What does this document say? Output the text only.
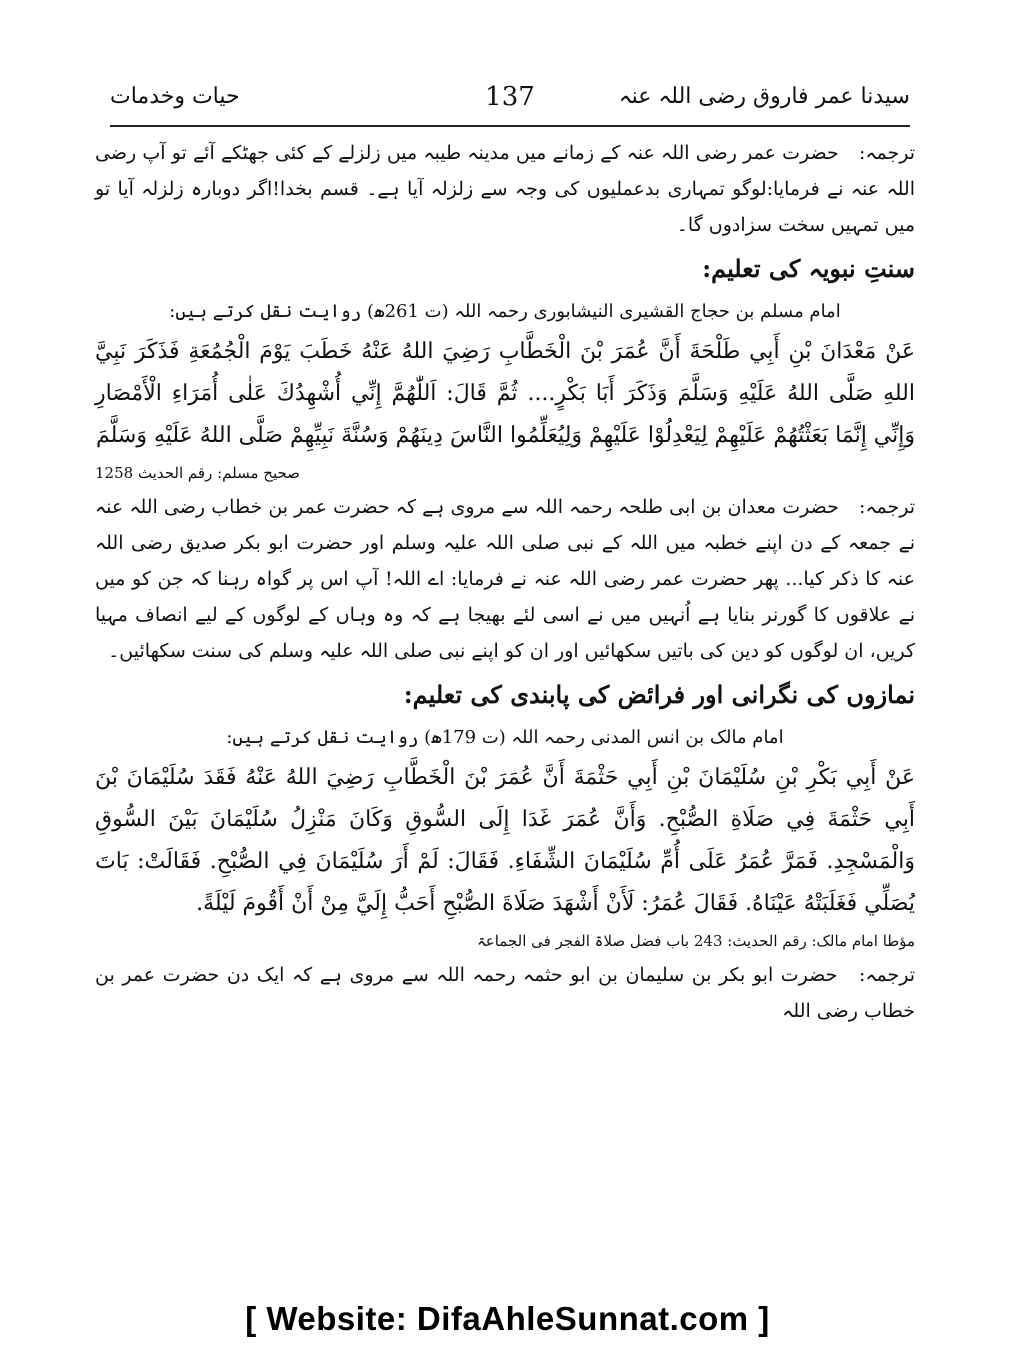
حیات وخدمات	137	سیدنا عمر فاروق رضی اللہ عنہ

ترجمہ: حضرت عمر رضی اللہ عنہ کے زمانے میں مدینہ طیبہ میں زلزلے کے کئی جھٹکے آئے تو آپ رضی اللہ عنہ نے فرمایا:لوگو تمہاری بدعملیوں کی وجہ سے زلزلہ آیا ہے۔ قسم بخدا!اگر دوبارہ زلزلہ آیا تو میں تمہیں سخت سزادوں گا۔

سنتِ نبویہ کی تعلیم:
امام مسلم بن حجاج القشیری النیشابوری رحمہ اللہ (ت 261ھ) روایت نقل کرتے ہیں:

عَنْ مَعْدَانَ بْنِ أَبِي طَلْحَةَ أَنَّ عُمَرَ بْنَ الْخَطَّابِ رَضِيَ اللهُ عَنْهُ خَطَبَ يَوْمَ الْجُمُعَةِ فَذَكَرَ نَبِيَّ اللهِ صَلَّى اللهُ عَلَيْهِ وَسَلَّمَ وَذَكَرَ أَبَا بَكْرٍ.... ثُمَّ قَالَ: اَللّٰهُمَّ إِنِّي أُشْهِدُكَ عَلٰى أُمَرَاءِ الْأَمْصَارِ وَإِنِّي إِنَّمَا بَعَثْتُهُمْ عَلَيْهِمْ لِيَعْدِلُوْا عَلَيْهِمْ وَلِيُعَلِّمُوا النَّاسَ دِينَهُمْ وَسُنَّةَ نَبِيِّهِمْ صَلَّى اللهُ عَلَيْهِ وَسَلَّمَ

صحیح مسلم: رقم الحدیث 1258

ترجمہ: حضرت معدان بن ابی طلحہ رحمہ اللہ سے مروی ہے کہ حضرت عمر بن خطاب رضی اللہ عنہ نے جمعہ کے دن اپنے خطبہ میں اللہ کے نبی صلی اللہ علیہ وسلم اور حضرت ابو بکر صدیق رضی اللہ عنہ کا ذکر کیا... پھر حضرت عمر رضی اللہ عنہ نے فرمایا: اے اللہ! آپ اس پر گواہ رہنا کہ جن کو میں نے علاقوں کا گورنر بنایا ہے اُنہیں میں نے اسی لئے بھیجا ہے کہ وہ وہاں کے لوگوں کے لیے انصاف مہیا کریں، ان لوگوں کو دین کی باتیں سکھائیں اور ان کو اپنے نبی صلی اللہ علیہ وسلم کی سنت سکھائیں۔

نمازوں کی نگرانی اور فرائض کی پابندی کی تعلیم:
امام مالک بن انس المدنی رحمہ اللہ (ت 179ھ) روایت نقل کرتے ہیں:

عَنْ أَبِي بَكْرِ بْنِ سُلَيْمَانَ بْنِ أَبِي حَثْمَةَ أَنَّ عُمَرَ بْنَ الْخَطَّابِ رَضِيَ اللهُ عَنْهُ فَقَدَ سُلَيْمَانَ بْنَ أَبِي حَثْمَةَ فِي صَلَاةِ الصُّبْحِ. وَأَنَّ عُمَرَ غَدَا إِلَى السُّوقِ وَكَانَ مَنْزِلُ سُلَيْمَانَ بَيْنَ السُّوقِ وَالْمَسْجِدِ. فَمَرَّ عُمَرُ عَلَى أُمِّ سُلَيْمَانَ الشِّفَاءِ. فَقَالَ: لَمْ أَرَ سُلَيْمَانَ فِي الصُّبْحِ. فَقَالَتْ: بَاتَ يُصَلِّي فَغَلَبَتْهُ عَيْنَاهُ. فَقَالَ عُمَرُ: لَأَنْ أَشْهَدَ صَلَاةَ الصُّبْحِ أَحَبُّ إِلَيَّ مِنْ أَنْ أَقُومَ لَيْلَةً.

مؤطا امام مالک: رقم الحدیث: 243 باب فضل صلاۃ الفجر فی الجماعۃ

ترجمہ: حضرت ابو بکر بن سلیمان بن ابو حثمہ رحمہ اللہ سے مروی ہے کہ ایک دن حضرت عمر بن خطاب رضی اللہ

[ Website: DifaAhleSunnat.com ]
